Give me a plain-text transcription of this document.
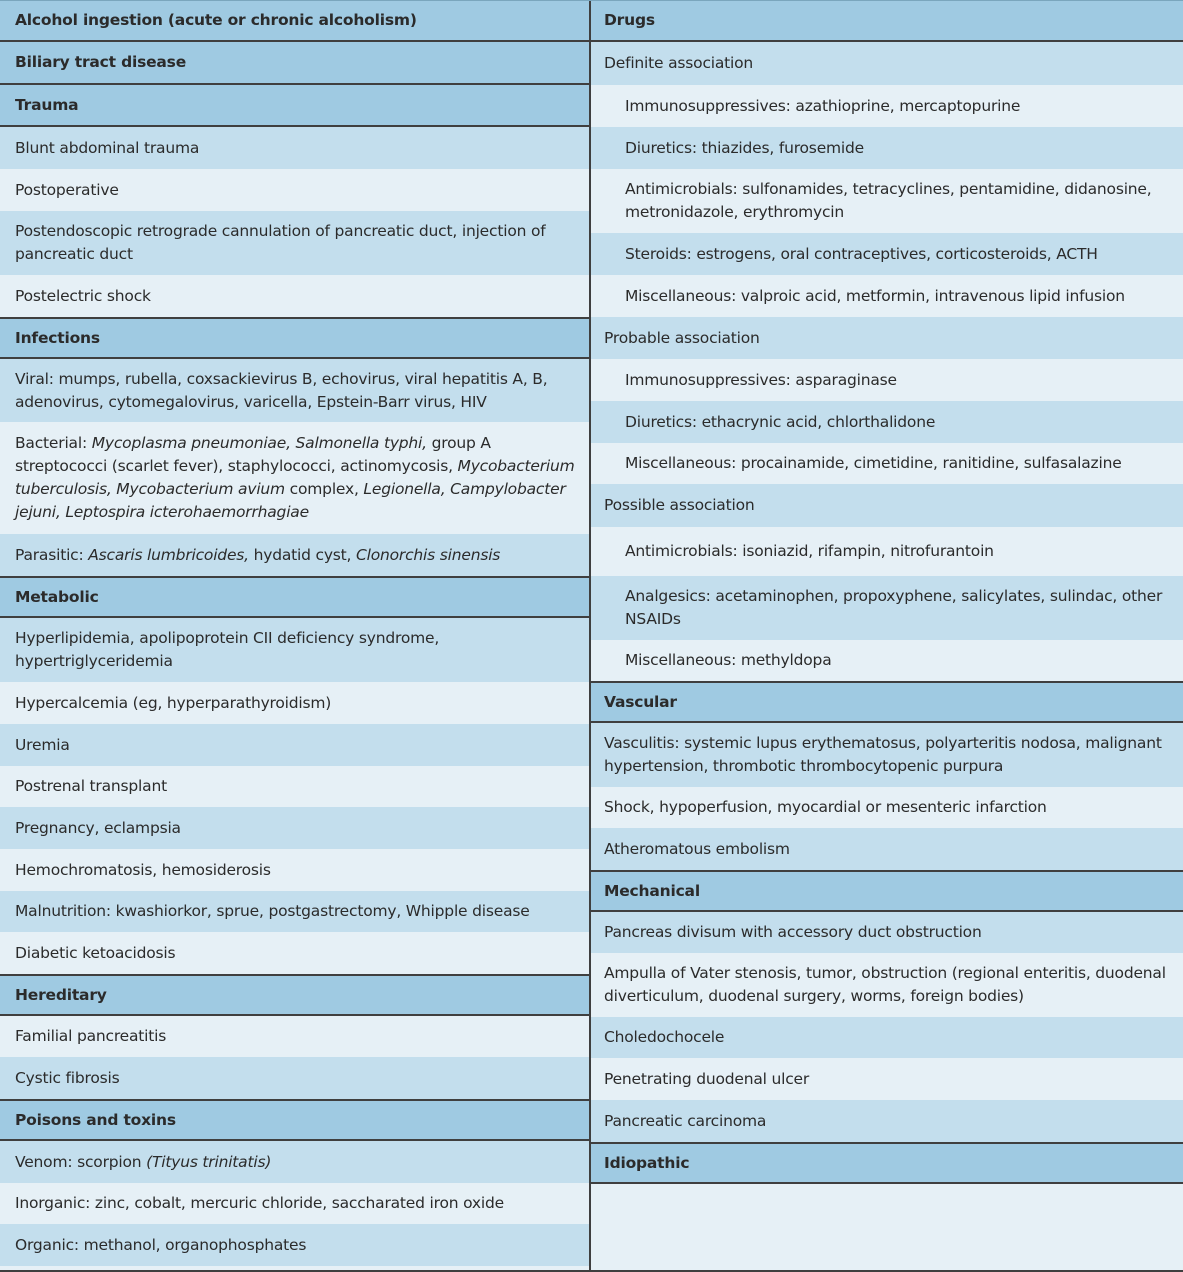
Alcohol ingestion (acute or chronic alcoholism)
Biliary tract disease
Trauma
Blunt abdominal trauma
Postoperative
Postendoscopic retrograde cannulation of pancreatic duct, injection of pancreatic duct
Postelectric shock
Infections
Viral: mumps, rubella, coxsackievirus B, echovirus, viral hepatitis A, B, adenovirus, cytomegalovirus, varicella, Epstein-Barr virus, HIV
Bacterial: Mycoplasma pneumoniae, Salmonella typhi, group A streptococci (scarlet fever), staphylococci, actinomycosis, Mycobacterium tuberculosis, Mycobacterium avium complex, Legionella, Campylobacter jejuni, Leptospira icterohaemorrhagiae
Parasitic: Ascaris lumbricoides, hydatid cyst, Clonorchis sinensis
Metabolic
Hyperlipidemia, apolipoprotein CII deficiency syndrome, hypertriglyceridemia
Hypercalcemia (eg, hyperparathyroidism)
Uremia
Postrenal transplant
Pregnancy, eclampsia
Hemochromatosis, hemosiderosis
Malnutrition: kwashiorkor, sprue, postgastrectomy, Whipple disease
Diabetic ketoacidosis
Hereditary
Familial pancreatitis
Cystic fibrosis
Poisons and toxins
Venom: scorpion (Tityus trinitatis)
Inorganic: zinc, cobalt, mercuric chloride, saccharated iron oxide
Organic: methanol, organophosphates
Drugs
Definite association
Immunosuppressives: azathioprine, mercaptopurine
Diuretics: thiazides, furosemide
Antimicrobials: sulfonamides, tetracyclines, pentamidine, didanosine, metronidazole, erythromycin
Steroids: estrogens, oral contraceptives, corticosteroids, ACTH
Miscellaneous: valproic acid, metformin, intravenous lipid infusion
Probable association
Immunosuppressives: asparaginase
Diuretics: ethacrynic acid, chlorthalidone
Miscellaneous: procainamide, cimetidine, ranitidine, sulfasalazine
Possible association
Antimicrobials: isoniazid, rifampin, nitrofurantoin
Analgesics: acetaminophen, propoxyphene, salicylates, sulindac, other NSAIDs
Miscellaneous: methyldopa
Vascular
Vasculitis: systemic lupus erythematosus, polyarteritis nodosa, malignant hypertension, thrombotic thrombocytopenic purpura
Shock, hypoperfusion, myocardial or mesenteric infarction
Atheromatous embolism
Mechanical
Pancreas divisum with accessory duct obstruction
Ampulla of Vater stenosis, tumor, obstruction (regional enteritis, duodenal diverticulum, duodenal surgery, worms, foreign bodies)
Choledochocele
Penetrating duodenal ulcer
Pancreatic carcinoma
Idiopathic
